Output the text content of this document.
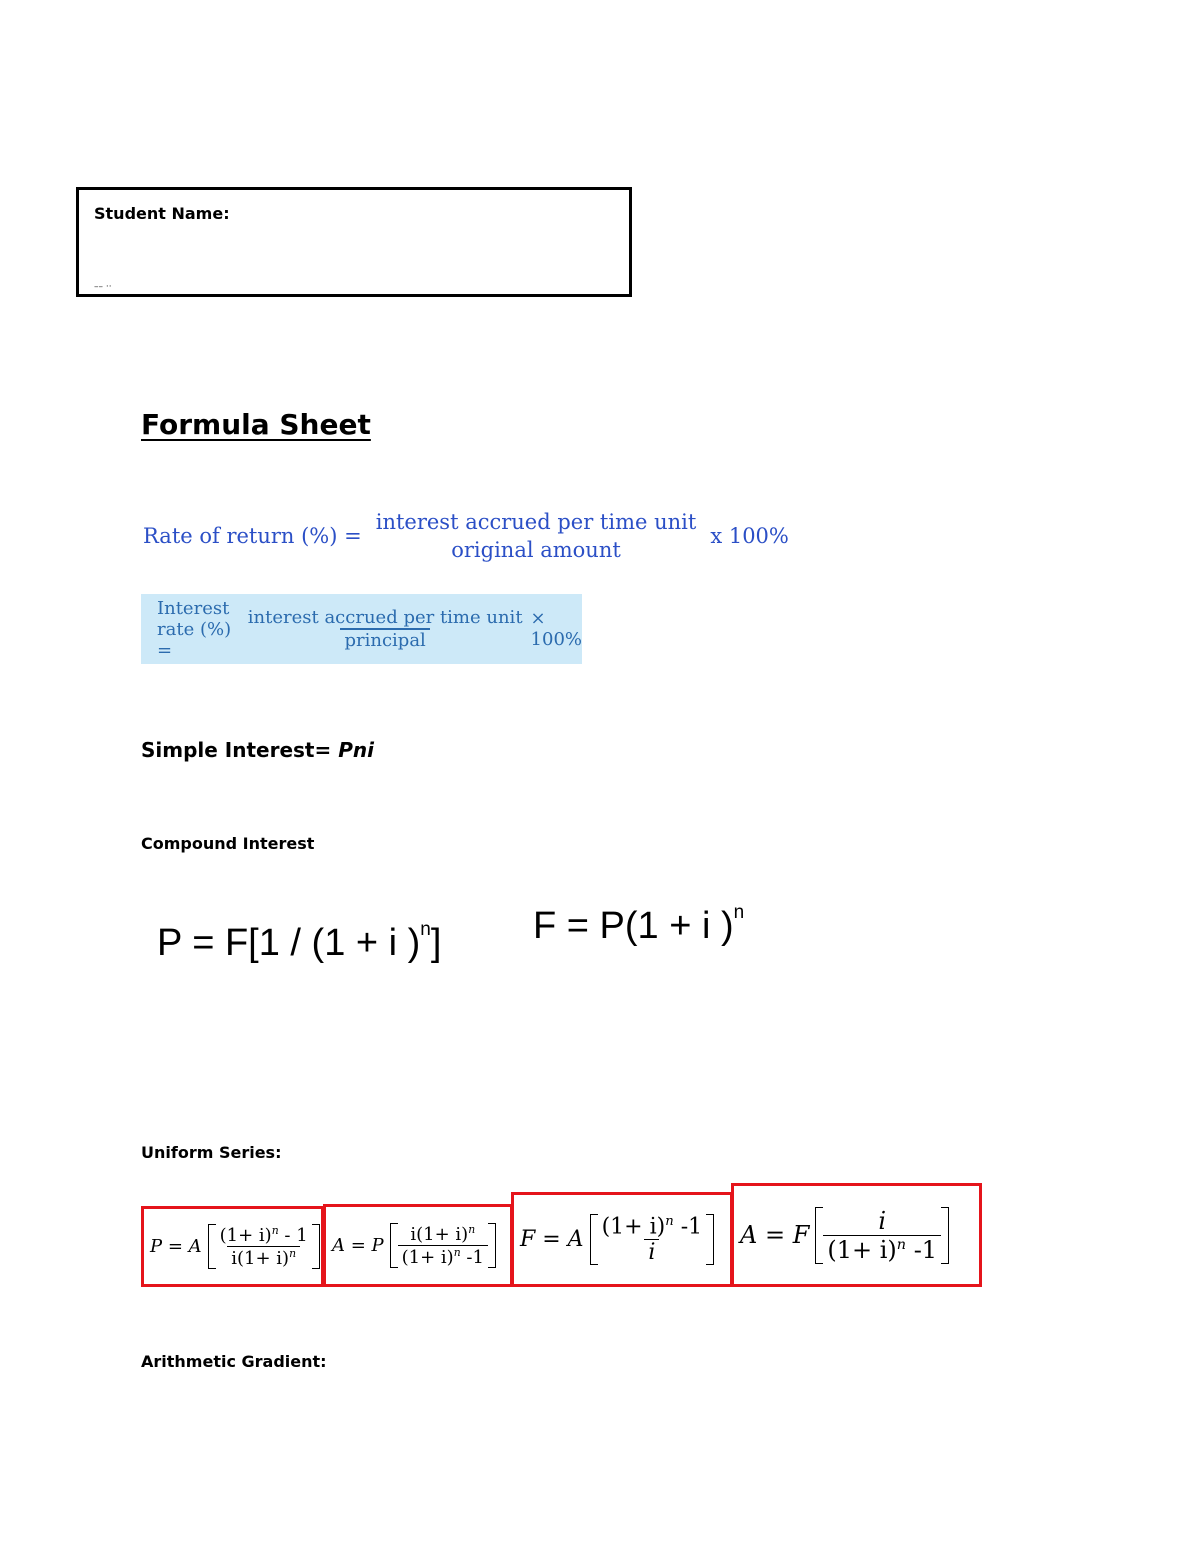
Student Name:
–– ··
Formula Sheet
Rate of return (%) =
interest accrued per time unit
original amount
x 100%
Interest rate (%) =	$\frac{\text{interest accrued per time unit}}{\text{principal}} \times 100\%$
Simple Interest= Pni
Compound Interest
P = F[1 / (1 + i )$^n$] F = P(1 + i )$^n$
Uniform Series:
P = A $\frac{(1+ i)^n - 1}{i(1+ i)^n}$ A = P $\frac{i(1+ i)^n}{(1+ i)^n -1}$ F = A $\frac{(1+ i)^n -1}{i}$ A = F $\frac{i}{(1+ i)^n -1}$
Arithmetic Gradient:
